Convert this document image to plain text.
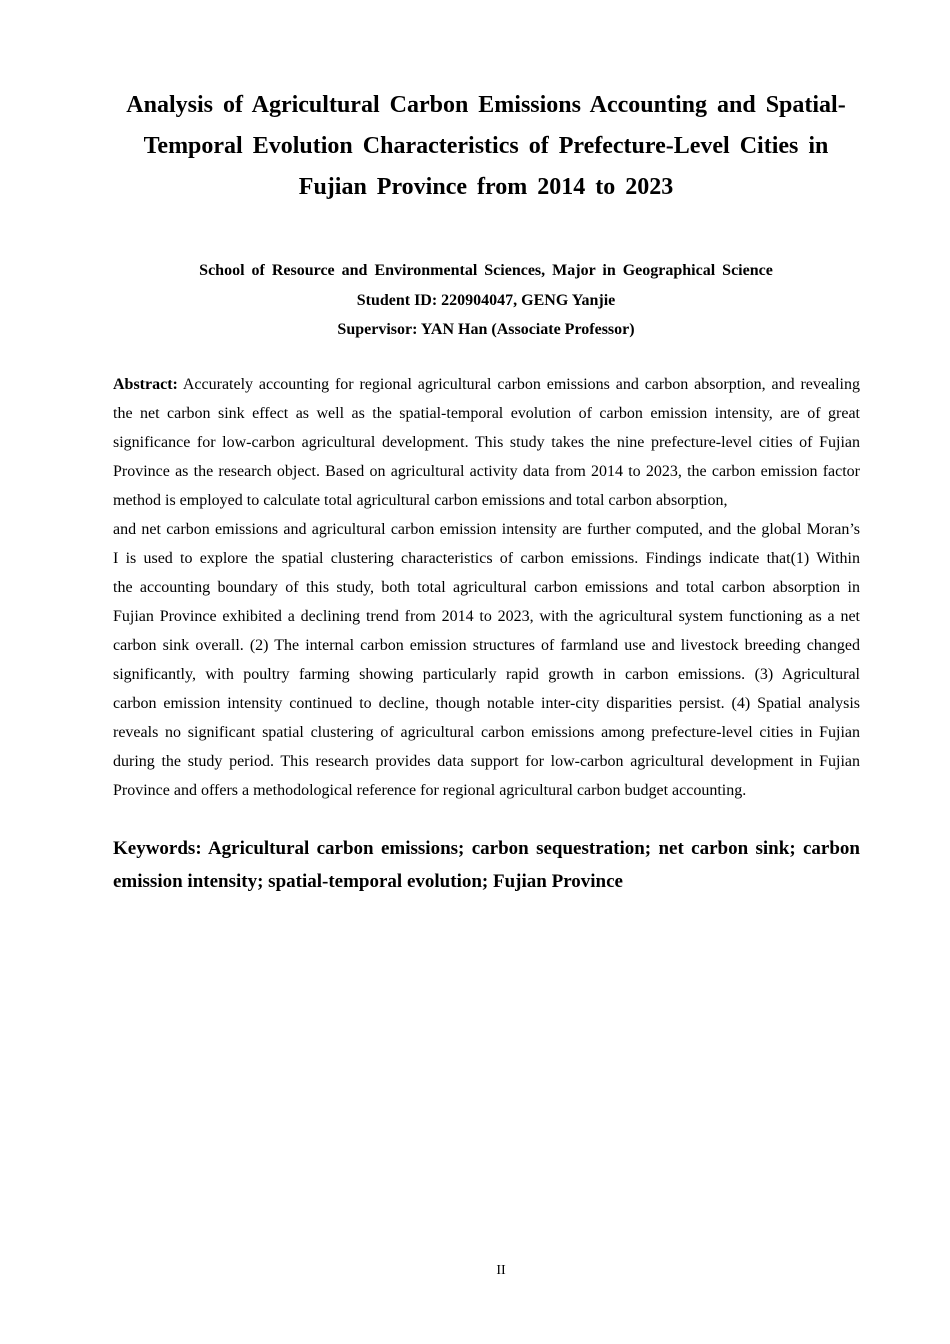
Analysis of Agricultural Carbon Emissions Accounting and Spatial-
Temporal Evolution Characteristics of Prefecture-Level Cities in
Fujian Province from 2014 to 2023
School of Resource and Environmental Sciences, Major in Geographical Science
Student ID: 220904047, GENG Yanjie
Supervisor: YAN Han (Associate Professor)
Abstract: Accurately accounting for regional agricultural carbon emissions and carbon absorption, and revealing
the net carbon sink effect as well as the spatial-temporal evolution of carbon emission intensity, are of great
significance for low-carbon agricultural development. This study takes the nine prefecture-level cities of Fujian
Province as the research object. Based on agricultural activity data from 2014 to 2023, the carbon emission factor
method is employed to calculate total agricultural carbon emissions and total carbon absorption,
and net carbon emissions and agricultural carbon emission intensity are further computed, and the global Moran’s
I is used to explore the spatial clustering characteristics of carbon emissions. Findings indicate that(1) Within
the accounting boundary of this study, both total agricultural carbon emissions and total carbon absorption in
Fujian Province exhibited a declining trend from 2014 to 2023, with the agricultural system functioning as a net
carbon sink overall. (2) The internal carbon emission structures of farmland use and livestock breeding changed
significantly, with poultry farming showing particularly rapid growth in carbon emissions. (3) Agricultural
carbon emission intensity continued to decline, though notable inter-city disparities persist. (4) Spatial analysis
reveals no significant spatial clustering of agricultural carbon emissions among prefecture-level cities in Fujian
during the study period. This research provides data support for low-carbon agricultural development in Fujian
Province and offers a methodological reference for regional agricultural carbon budget accounting.
Keywords: Agricultural carbon emissions; carbon sequestration; net carbon sink; carbon
emission intensity; spatial-temporal evolution; Fujian Province
II
